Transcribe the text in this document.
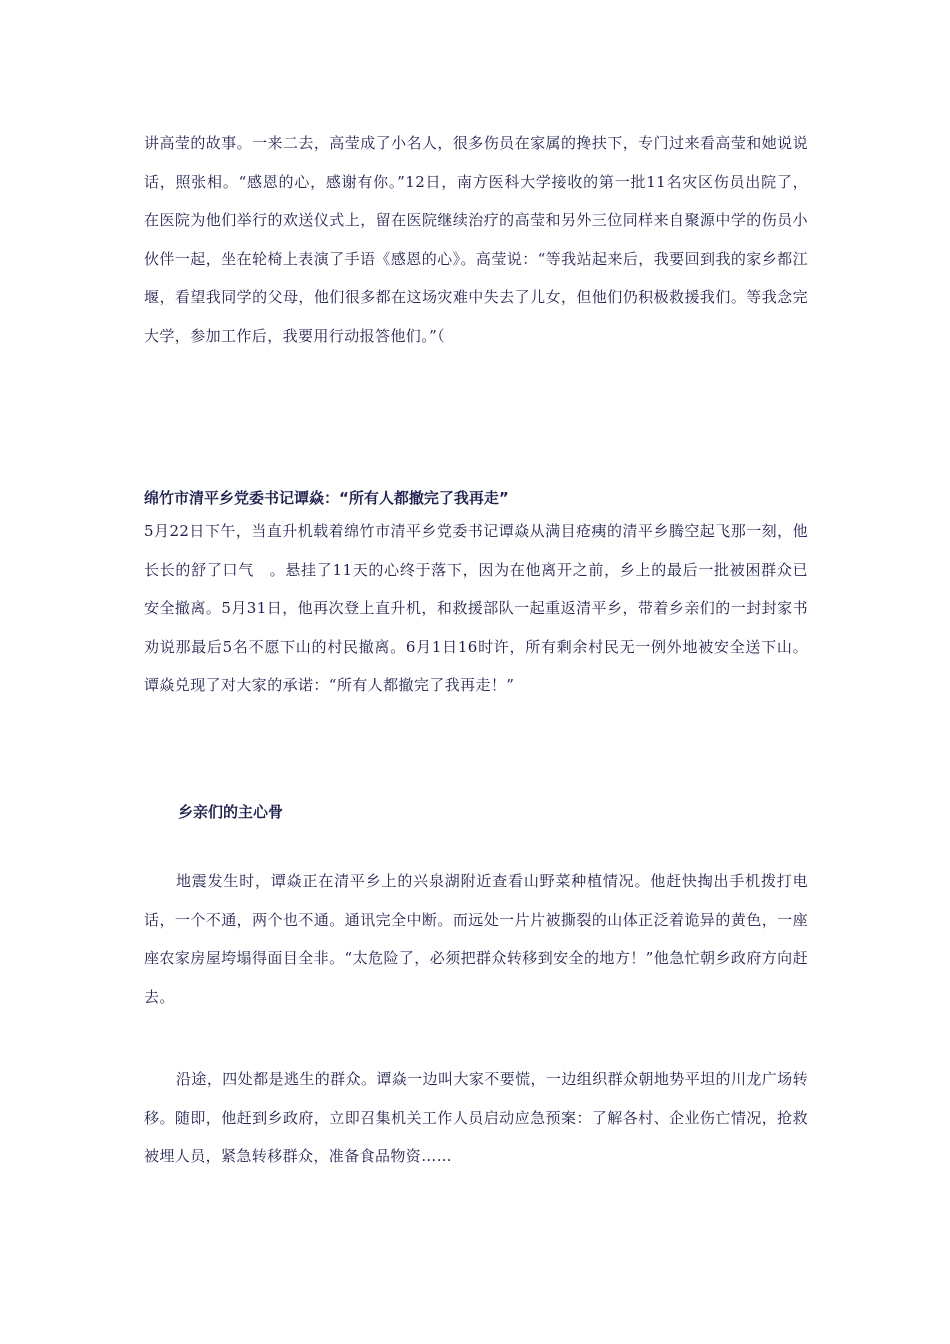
讲高莹的故事。一来二去，高莹成了小名人，很多伤员在家属的搀扶下，专门过来看高莹和她说说话，照张相。“感恩的心，感谢有你。”12日，南方医科大学接收的第一批11名灾区伤员出院了，在医院为他们举行的欢送仪式上，留在医院继续治疗的高莹和另外三位同样来自聚源中学的伤员小伙伴一起，坐在轮椅上表演了手语《感恩的心》。高莹说：“等我站起来后，我要回到我的家乡都江堰，看望我同学的父母，他们很多都在这场灾难中失去了儿女，但他们仍积极救援我们。等我念完大学，参加工作后，我要用行动报答他们。”（

绵竹市清平乡党委书记谭焱：“所有人都撤完了我再走”

5月22日下午，当直升机载着绵竹市清平乡党委书记谭焱从满目疮痍的清平乡腾空起飞那一刻，他长长的舒了口气　。悬挂了11天的心终于落下，因为在他离开之前，乡上的最后一批被困群众已安全撤离。5月31日，他再次登上直升机，和救援部队一起重返清平乡，带着乡亲们的一封封家书劝说那最后5名不愿下山的村民撤离。6月1日16时许，所有剩余村民无一例外地被安全送下山。谭焱兑现了对大家的承诺：“所有人都撤完了我再走！”

乡亲们的主心骨

地震发生时，谭焱正在清平乡上的兴泉湖附近查看山野菜种植情况。他赶快掏出手机拨打电话，一个不通，两个也不通。通讯完全中断。而远处一片片被撕裂的山体正泛着诡异的黄色，一座座农家房屋垮塌得面目全非。“太危险了，必须把群众转移到安全的地方！”他急忙朝乡政府方向赶去。

沿途，四处都是逃生的群众。谭焱一边叫大家不要慌，一边组织群众朝地势平坦的川龙广场转移。随即，他赶到乡政府，立即召集机关工作人员启动应急预案：了解各村、企业伤亡情况，抢救被埋人员，紧急转移群众，准备食品物资……
